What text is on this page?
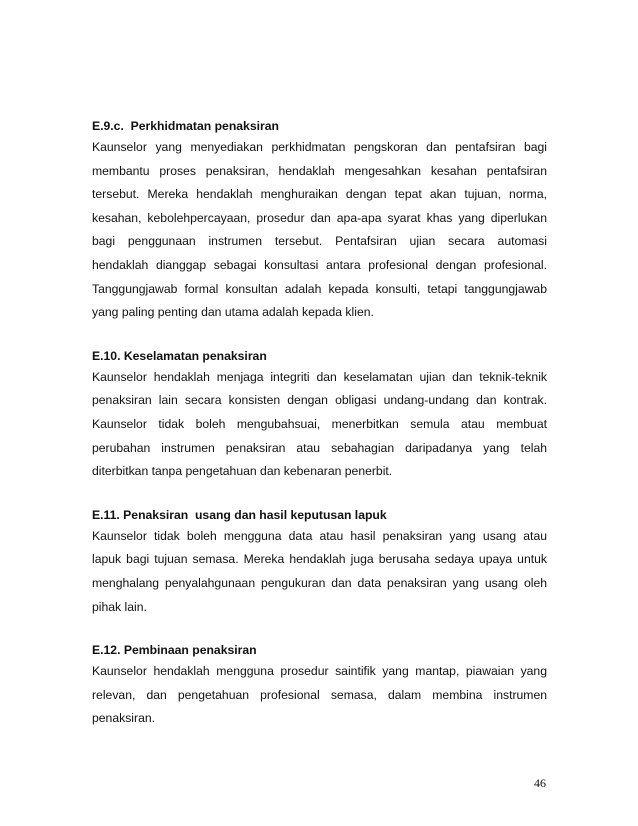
E.9.c.  Perkhidmatan penaksiran

Kaunselor yang menyediakan perkhidmatan pengskoran dan pentafsiran bagi
membantu proses penaksiran, hendaklah mengesahkan kesahan pentafsiran
tersebut. Mereka hendaklah menghuraikan dengan tepat akan tujuan, norma,
kesahan, kebolehpercayaan, prosedur dan apa-apa syarat khas yang diperlukan
bagi penggunaan instrumen tersebut. Pentafsiran ujian secara automasi
hendaklah dianggap sebagai konsultasi antara profesional dengan profesional.
Tanggungjawab formal konsultan adalah kepada konsulti, tetapi tanggungjawab
yang paling penting dan utama adalah kepada klien.

E.10. Keselamatan penaksiran

Kaunselor hendaklah menjaga integriti dan keselamatan ujian dan teknik-teknik
penaksiran lain secara konsisten dengan obligasi undang-undang dan kontrak.
Kaunselor tidak boleh mengubahsuai, menerbitkan semula atau membuat
perubahan instrumen penaksiran atau sebahagian daripadanya yang telah
diterbitkan tanpa pengetahuan dan kebenaran penerbit.

E.11. Penaksiran  usang dan hasil keputusan lapuk

Kaunselor tidak boleh mengguna data atau hasil penaksiran yang usang atau
lapuk bagi tujuan semasa. Mereka hendaklah juga berusaha sedaya upaya untuk
menghalang penyalahgunaan pengukuran dan data penaksiran yang usang oleh
pihak lain.

E.12. Pembinaan penaksiran

Kaunselor hendaklah mengguna prosedur saintifik yang mantap, piawaian yang
relevan, dan pengetahuan profesional semasa, dalam membina instrumen
penaksiran.
46
